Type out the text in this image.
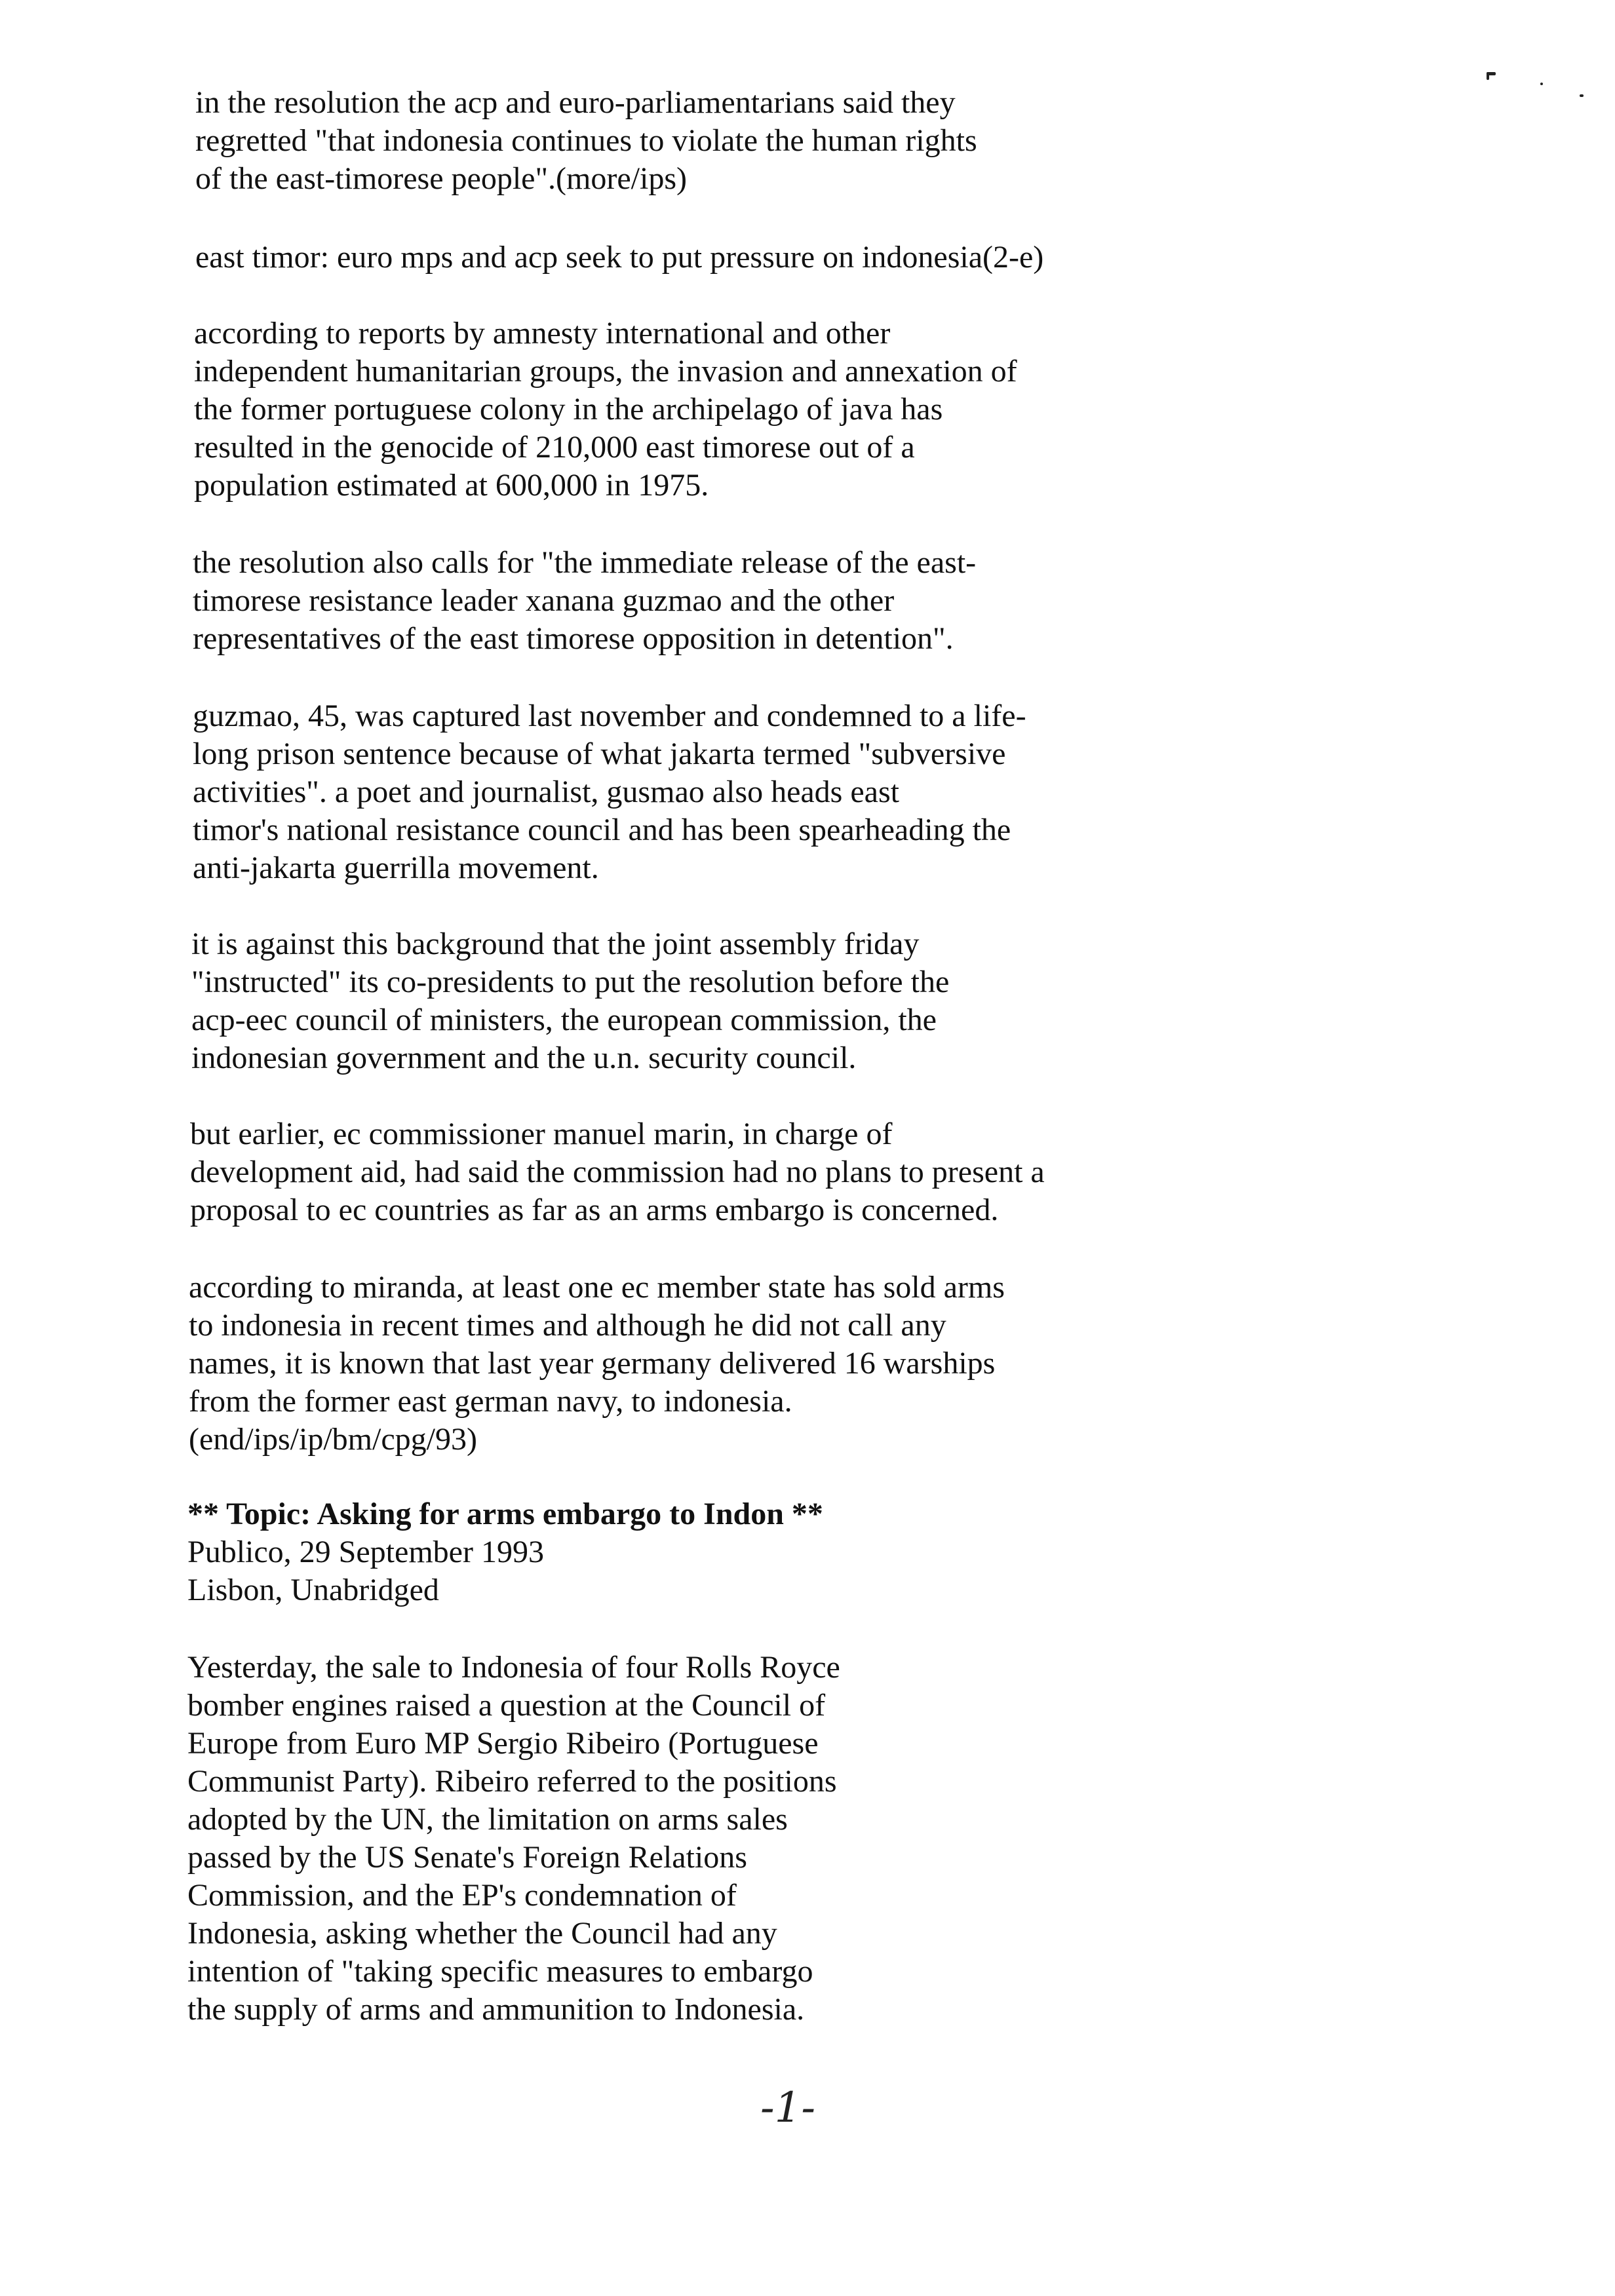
in the resolution the acp and euro-parliamentarians said they
regretted "that indonesia continues to violate the human rights
of the east-timorese people".(more/ips)
east timor: euro mps and acp seek to put pressure on indonesia(2-e)
according to reports by amnesty international and other
independent humanitarian groups, the invasion and annexation of
the former portuguese colony in the archipelago of java has
resulted in the genocide of 210,000 east timorese out of a
population estimated at 600,000 in 1975.
the resolution also calls for "the immediate release of the east-
timorese resistance leader xanana guzmao and the other
representatives of the east timorese opposition in detention".
guzmao, 45, was captured last november and condemned to a life-
long prison sentence because of what jakarta termed "subversive
activities". a poet and journalist, gusmao also heads east
timor's national resistance council and has been spearheading the
anti-jakarta guerrilla movement.
it is against this background that the joint assembly friday
"instructed" its co-presidents to put the resolution before the
acp-eec council of ministers, the european commission, the
indonesian government and the u.n. security council.
but earlier, ec commissioner manuel marin, in charge of
development aid, had said the commission had no plans to present a
proposal to ec countries as far as an arms embargo is concerned.
according to miranda, at least one ec member state has sold arms
to indonesia in recent times and although he did not call any
names, it is known that last year germany delivered 16 warships
from the former east german navy, to indonesia.
(end/ips/ip/bm/cpg/93)
** Topic: Asking for arms embargo to Indon **
Publico, 29 September 1993
Lisbon, Unabridged
Yesterday, the sale to Indonesia of four Rolls Royce
bomber engines raised a question at the Council of
Europe from Euro MP Sergio Ribeiro (Portuguese
Communist Party). Ribeiro referred to the positions
adopted by the UN, the limitation on arms sales
passed by the US Senate's Foreign Relations
Commission, and the EP's condemnation of
Indonesia, asking whether the Council had any
intention of "taking specific measures to embargo
the supply of arms and ammunition to Indonesia.
-1-
